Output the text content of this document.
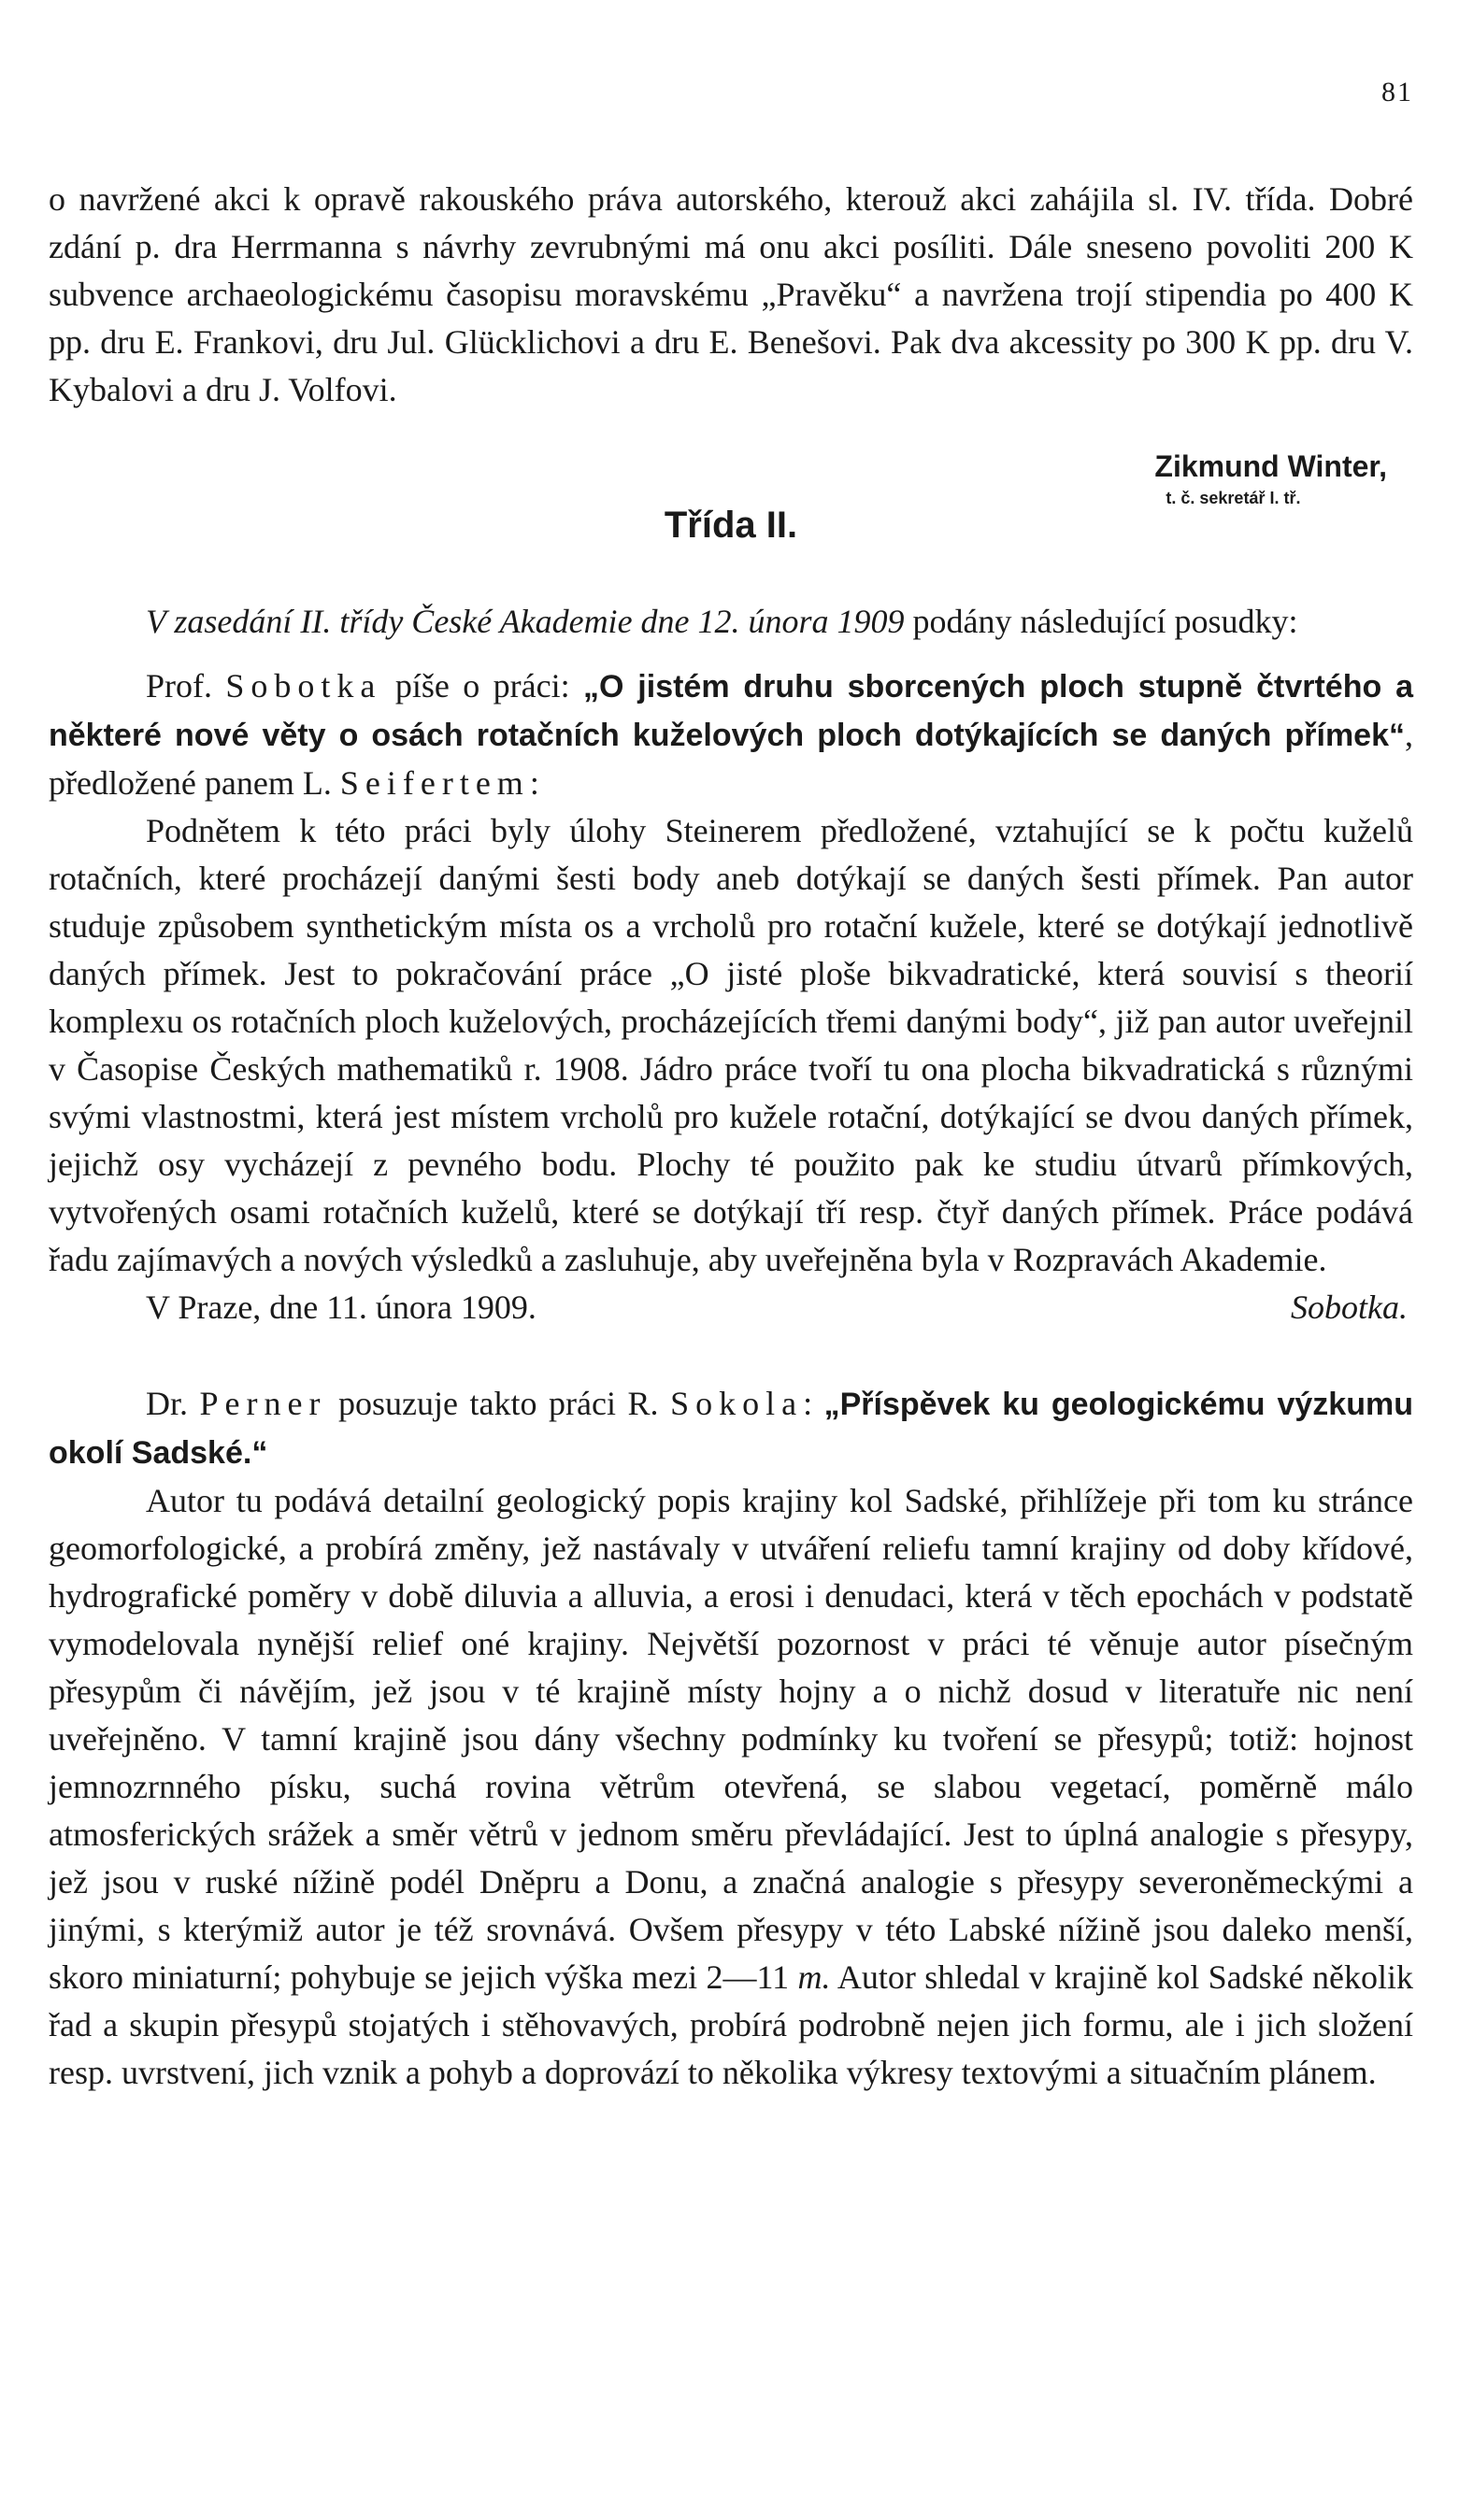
81

o navržené akci k opravě rakouského práva autorského, kterouž akci zahájila sl. IV. třída. Dobré zdání p. dra Herrmanna s návrhy zevrubnými má onu akci posíliti. Dále sneseno povoliti 200 K subvence archaeologickému časopisu moravskému „Pravěku“ a navržena trojí stipendia po 400 K pp. dru E. Frankovi, dru Jul. Glücklichovi a dru E. Benešovi. Pak dva akcessity po 300 K pp. dru V. Kybalovi a dru J. Volfovi.

Zikmund Winter,
t. č. sekretář I. tř.
Třída II.

V zasedání II. třídy České Akademie dne 12. února 1909 podány následující posudky:

Prof. Sobotka píše o práci: „O jistém druhu sborcených ploch stupně čtvrtého a některé nové věty o osách rotačních kuželových ploch dotýkajících se daných přímek“, předložené panem L. Seifertem:

Podnětem k této práci byly úlohy Steinerem předložené, vztahující se k počtu kuželů rotačních, které procházejí danými šesti body aneb dotýkají se daných šesti přímek. Pan autor studuje způsobem synthetickým místa os a vrcholů pro rotační kužele, které se dotýkají jednotlivě daných přímek. Jest to pokračování práce „O jisté ploše bikvadratické, která souvisí s theorií komplexu os rotačních ploch kuželových, procházejících třemi danými body“, již pan autor uveřejnil v Časopise Českých mathematiků r. 1908. Jádro práce tvoří tu ona plocha bikvadratická s různými svými vlastnostmi, která jest místem vrcholů pro kužele rotační, dotýkající se dvou daných přímek, jejichž osy vycházejí z pevného bodu. Plochy té použito pak ke studiu útvarů přímkových, vytvořených osami rotačních kuželů, které se dotýkají tří resp. čtyř daných přímek. Práce podává řadu zajímavých a nových výsledků a zasluhuje, aby uveřejněna byla v Rozpravách Akademie.

V Praze, dne 11. února 1909.	Sobotka.

Dr. Perner posuzuje takto práci R. Sokola: „Příspěvek ku geologickému výzkumu okolí Sadské.“

Autor tu podává detailní geologický popis krajiny kol Sadské, přihlížeje při tom ku stránce geomorfologické, a probírá změny, jež nastávaly v utváření reliefu tamní krajiny od doby křídové, hydrografické poměry v době diluvia a alluvia, a erosi i denudaci, která v těch epochách v podstatě vymodelovala nynější relief oné krajiny. Největší pozornost v práci té věnuje autor písečným přesypům či návějím, jež jsou v té krajině místy hojny a o nichž dosud v literatuře nic není uveřejněno. V tamní krajině jsou dány všechny podmínky ku tvoření se přesypů; totiž: hojnost jemnozrnného písku, suchá rovina větrům otevřená, se slabou vegetací, poměrně málo atmosferických srážek a směr větrů v jednom směru převládající. Jest to úplná analogie s přesypy, jež jsou v ruské nížině podél Dněpru a Donu, a značná analogie s přesypy severoněmeckými a jinými, s kterýmiž autor je též srovnává. Ovšem přesypy v této Labské nížině jsou daleko menší, skoro miniaturní; pohybuje se jejich výška mezi 2—11 m. Autor shledal v krajině kol Sadské několik řad a skupin přesypů stojatých i stěhovavých, probírá podrobně nejen jich formu, ale i jich složení resp. uvrstvení, jich vznik a pohyb a doprovází to několika výkresy textovými a situačním plánem.
